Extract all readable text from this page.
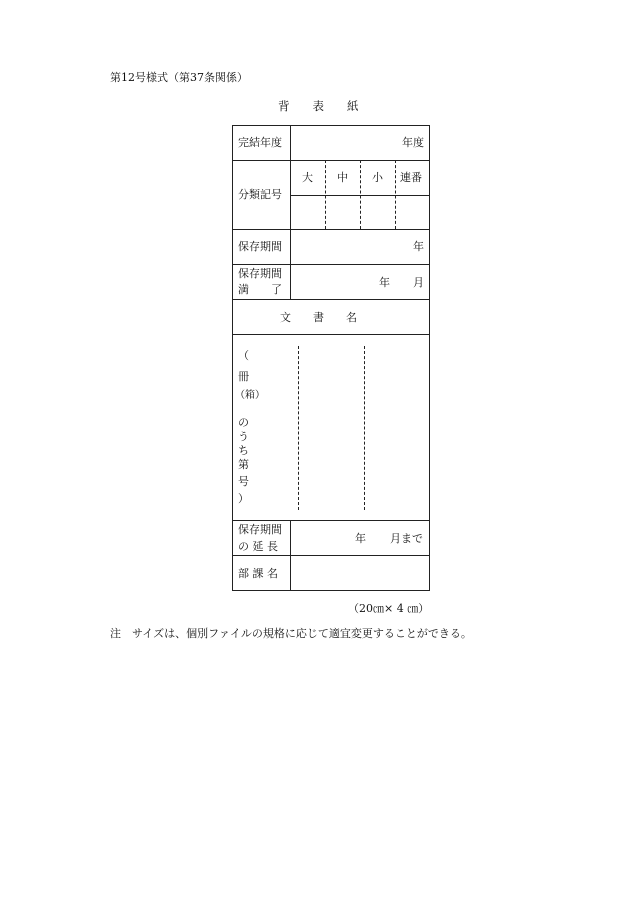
第12号様式（第37条関係）
背　　表　　紙
完結年度	年度
分類記号
大 中 小 連番
保存期間	年
保存期間
満　　了
年 月
文　　書　　名
（
冊
（箱）
の
う
ち
第
号
）
保存期間
の 延 長
年 月まで
部 課 名
（20㎝× 4 ㎝）
注　サイズは、個別ファイルの規格に応じて適宜変更することができる。
